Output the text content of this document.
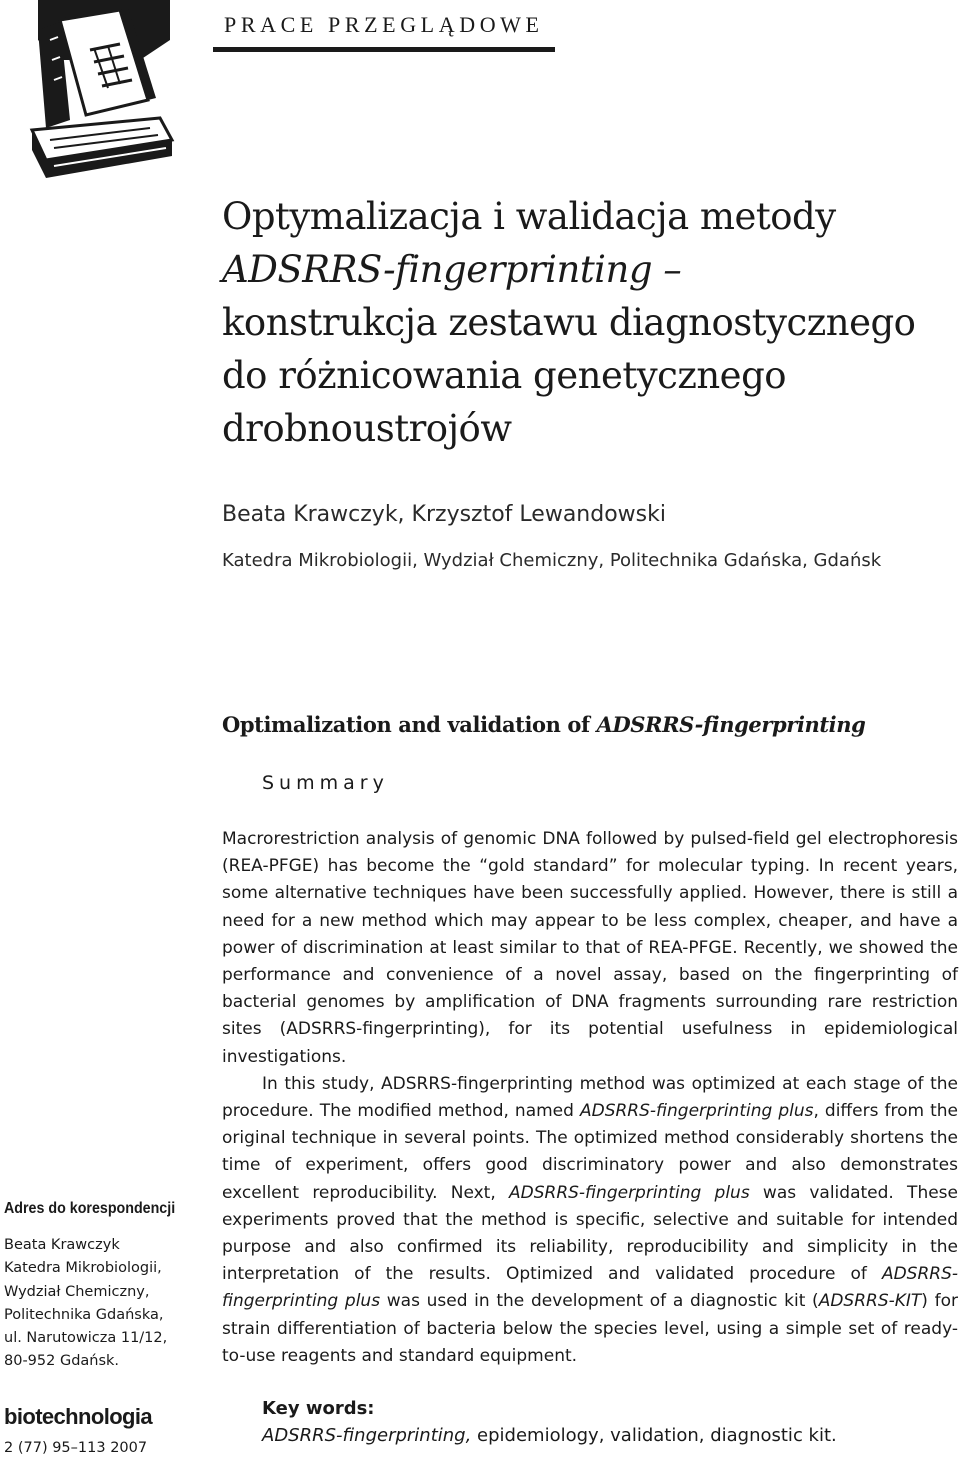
PRACE PRZEGLĄDOWE
Optymalizacja i walidacja metody
ADSRRS-fingerprinting –
konstrukcja zestawu diagnostycznego
do różnicowania genetycznego
drobnoustrojów
Beata Krawczyk, Krzysztof Lewandowski
Katedra Mikrobiologii, Wydział Chemiczny, Politechnika Gdańska, Gdańsk
Optimalization and validation of ADSRRS-fingerprinting
Summary

Macrorestriction analysis of genomic DNA followed by pulsed-field gel electrophoresis (REA-PFGE) has become the “gold standard” for molecular typing. In recent years, some alternative techniques have been successfully applied. However, there is still a need for a new method which may appear to be less complex, cheaper, and have a power of discrimination at least similar to that of REA-PFGE. Recently, we showed the performance and convenience of a novel assay, based on the fingerprinting of bacterial genomes by amplification of DNA fragments surrounding rare restriction sites (ADSRRS-fingerprinting), for its potential usefulness in epidemiological investigations.

In this study, ADSRRS-fingerprinting method was optimized at each stage of the procedure. The modified method, named ADSRRS-fingerprinting plus, differs from the original technique in several points. The optimized method considerably shortens the time of experiment, offers good discriminatory power and also demonstrates excellent reproducibility. Next, ADSRRS-fingerprinting plus was validated. These experiments proved that the method is specific, selective and suitable for intended purpose and also confirmed its reliability, reproducibility and simplicity in the interpretation of the results. Optimized and validated procedure of ADSRRS-fingerprinting plus was used in the development of a diagnostic kit (ADSRRS-KIT) for strain differentiation of bacteria below the species level, using a simple set of ready-to-use reagents and standard equipment.

Key words:
ADSRRS-fingerprinting, epidemiology, validation, diagnostic kit.
Adres do korespondencji
Beata Krawczyk
Katedra Mikrobiologii,
Wydział Chemiczny,
Politechnika Gdańska,
ul. Narutowicza 11/12,
80-952 Gdańsk.
biotechnologia
2 (77) 95–113 2007
